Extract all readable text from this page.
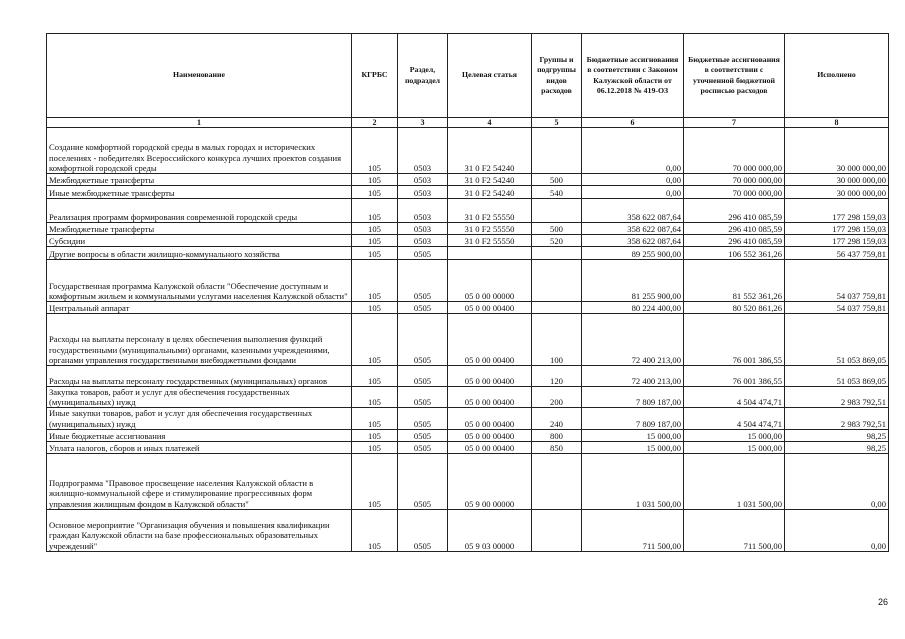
Наименование	КГРБС	Раздел, подраздел	Целевая статья	Группы и подгруппы видов расходов	Бюджетные ассигнования в соответствии с Законом Калужской области от 06.12.2018 № 419-ОЗ	Бюджетные ассигнования в соответствии с уточненной бюджетной росписью расходов	Исполнено
1	2	3	4	5	6	7	8
Создание комфортной городской среды в малых городах и исторических поселениях - победителях Всероссийского конкурса лучших проектов создания комфортной городской среды	105	0503	31 0 F2 54240		0,00	70 000 000,00	30 000 000,00
Межбюджетные трансферты	105	0503	31 0 F2 54240	500	0,00	70 000 000,00	30 000 000,00
Иные межбюджетные трансферты	105	0503	31 0 F2 54240	540	0,00	70 000 000,00	30 000 000,00
Реализация программ формирования современной городской среды	105	0503	31 0 F2 55550		358 622 087,64	296 410 085,59	177 298 159,03
Межбюджетные трансферты	105	0503	31 0 F2 55550	500	358 622 087,64	296 410 085,59	177 298 159,03
Субсидии	105	0503	31 0 F2 55550	520	358 622 087,64	296 410 085,59	177 298 159,03
Другие вопросы в области жилищно-коммунального хозяйства	105	0505			89 255 900,00	106 552 361,26	56 437 759,81
Государственная программа Калужской области "Обеспечение доступным и комфортным жильем и коммунальными услугами населения Калужской области"	105	0505	05 0 00 00000		81 255 900,00	81 552 361,26	54 037 759,81
Центральный аппарат	105	0505	05 0 00 00400		80 224 400,00	80 520 861,26	54 037 759,81
Расходы на выплаты персоналу в целях обеспечения выполнения функций государственными (муниципальными) органами, казенными учреждениями, органами управления государственными внебюджетными фондами	105	0505	05 0 00 00400	100	72 400 213,00	76 001 386,55	51 053 869,05
Расходы на выплаты персоналу государственных (муниципальных) органов	105	0505	05 0 00 00400	120	72 400 213,00	76 001 386,55	51 053 869,05
Закупка товаров, работ и услуг для обеспечения государственных (муниципальных) нужд	105	0505	05 0 00 00400	200	7 809 187,00	4 504 474,71	2 983 792,51
Иные закупки товаров, работ и услуг для обеспечения государственных (муниципальных) нужд	105	0505	05 0 00 00400	240	7 809 187,00	4 504 474,71	2 983 792,51
Иные бюджетные ассигнования	105	0505	05 0 00 00400	800	15 000,00	15 000,00	98,25
Уплата налогов, сборов и иных платежей	105	0505	05 0 00 00400	850	15 000,00	15 000,00	98,25
Подпрограмма "Правовое просвещение населения Калужской области в жилищно-коммунальной сфере и стимулирование прогрессивных форм управления жилищным фондом в Калужской области"	105	0505	05 9 00 00000		1 031 500,00	1 031 500,00	0,00
Основное мероприятие "Организация обучения и повышения квалификации граждан Калужской области на базе профессиональных образовательных учреждений"	105	0505	05 9 03 00000		711 500,00	711 500,00	0,00
26
